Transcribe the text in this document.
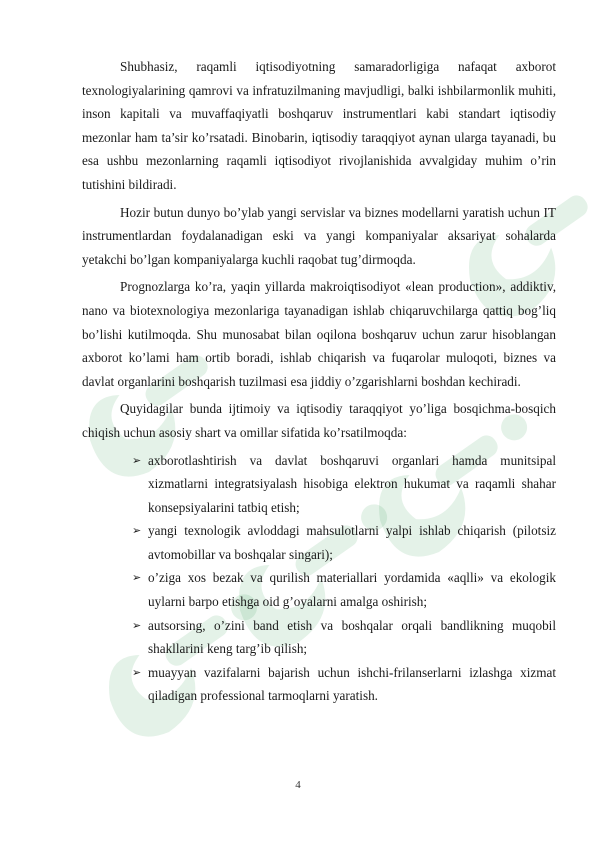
Shubhasiz, raqamli iqtisodiyotning samaradorligiga nafaqat axborot texnologiyalarining qamrovi va infratuzilmaning mavjudligi, balki ishbilarmonlik muhiti, inson kapitali va muvaffaqiyatli boshqaruv instrumentlari kabi standart iqtisodiy mezonlar ham ta’sir ko’rsatadi. Binobarin, iqtisodiy taraqqiyot aynan ularga tayanadi, bu esa ushbu mezonlarning raqamli iqtisodiyot rivojlanishida avvalgiday muhim o’rin tutishini bildiradi.

Hozir butun dunyo bo’ylab yangi servislar va biznes modellarni yaratish uchun IT instrumentlardan foydalanadigan eski va yangi kompaniyalar aksariyat sohalarda yetakchi bo’lgan kompaniyalarga kuchli raqobat tug’dirmoqda.

Prognozlarga ko’ra, yaqin yillarda makroiqtisodiyot «lean production», addiktiv, nano va biotexnologiya mezonlariga tayanadigan ishlab chiqaruvchilarga qattiq bog’liq bo’lishi kutilmoqda. Shu munosabat bilan oqilona boshqaruv uchun zarur hisoblangan axborot ko’lami ham ortib boradi, ishlab chiqarish va fuqarolar muloqoti, biznes va davlat organlarini boshqarish tuzilmasi esa jiddiy o’zgarishlarni boshdan kechiradi.

Quyidagilar bunda ijtimoiy va iqtisodiy taraqqiyot yo’liga bosqichma-bosqich chiqish uchun asosiy shart va omillar sifatida ko’rsatilmoqda:

➢ axborotlashtirish va davlat boshqaruvi organlari hamda munitsipal xizmatlarni integratsiyalash hisobiga elektron hukumat va raqamli shahar konsepsiyalarini tatbiq etish;
➢ yangi texnologik avloddagi mahsulotlarni yalpi ishlab chiqarish (pilotsiz avtomobillar va boshqalar singari);
➢ o’ziga xos bezak va qurilish materiallari yordamida «aqlli» va ekologik uylarni barpo etishga oid g’oyalarni amalga oshirish;
➢ autsorsing, o’zini band etish va boshqalar orqali bandlikning muqobil shakllarini keng targ’ib qilish;
➢ muayyan vazifalarni bajarish uchun ishchi-frilanserlarni izlashga xizmat qiladigan professional tarmoqlarni yaratish.
4
